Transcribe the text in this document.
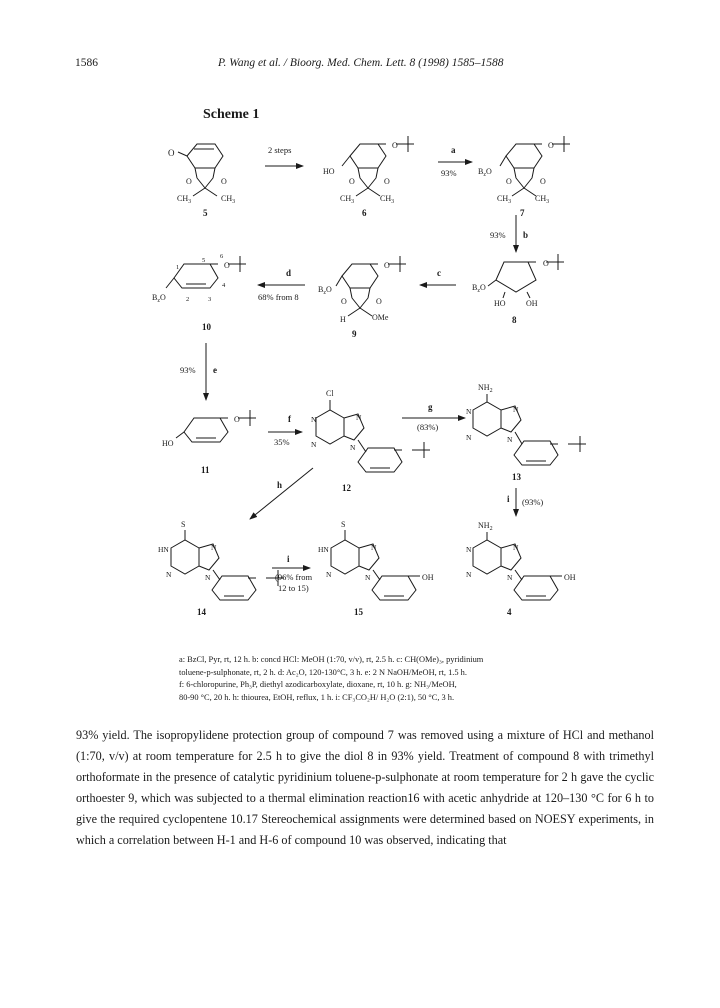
1586	P. Wang et al. / Bioorg. Med. Chem. Lett. 8 (1998) 1585–1588
Scheme 1
O
O	O
$CH_3$	$CH_3$
5
2 steps
HO
O
O	O
$CH_3$	$CH_3$
6
a
93%	$B_zO$
O
O	O
$CH_3$	$CH_3$
7
93% b
$B_zO$
O
HO	OH
8
c
$B_zO$
O
O	O
H	OMe
9
d
68% from 8
$B_zO$
O
1
2	3
4
5
6
10
93% e
HO
O
11
f
35%
Cl
N
N
N
N
12
g
(83%)
$NH_2$
N
N
N
N
13
h
i (93%)
S
HN
N
N
N
14
i
(96% from
12 to 15)
S
HN
N
N
N	OH
15
$NH_2$
N
N
N
N	OH
4

a: BzCl, Pyr, rt, 12 h. b: concd HCl: MeOH (1:70, v/v), rt, 2.5 h. c: CH(OMe)₃, pyridinium

toluene-p-sulphonate, rt, 2 h. d: Ac₂O, 120-130°C, 3 h. e: 2 N NaOH/MeOH, rt, 1.5 h.

f: 6-chloropurine, Ph₃P, diethyl azodicarboxylate, dioxane, rt, 10 h. g: NH₃/MeOH,

80-90 °C, 20 h. h: thiourea, EtOH, reflux, 1 h. i: CF₃CO₂H/ H₂O (2:1), 50 °C, 3 h.

93% yield. The isopropylidene protection group of compound 7 was removed using a mixture of HCl and methanol (1:70, v/v) at room temperature for 2.5 h to give the diol 8 in 93% yield. Treatment of compound 8 with trimethyl orthoformate in the presence of catalytic pyridinium toluene-p-sulphonate at room temperature for 2 h gave the cyclic orthoester 9, which was subjected to a thermal elimination reaction16 with acetic anhydride at 120–130 °C for 6 h to give the required cyclopentene 10.17 Stereochemical assignments were determined based on NOESY experiments, in which a correlation between H-1 and H-6 of compound 10 was observed, indicating that
